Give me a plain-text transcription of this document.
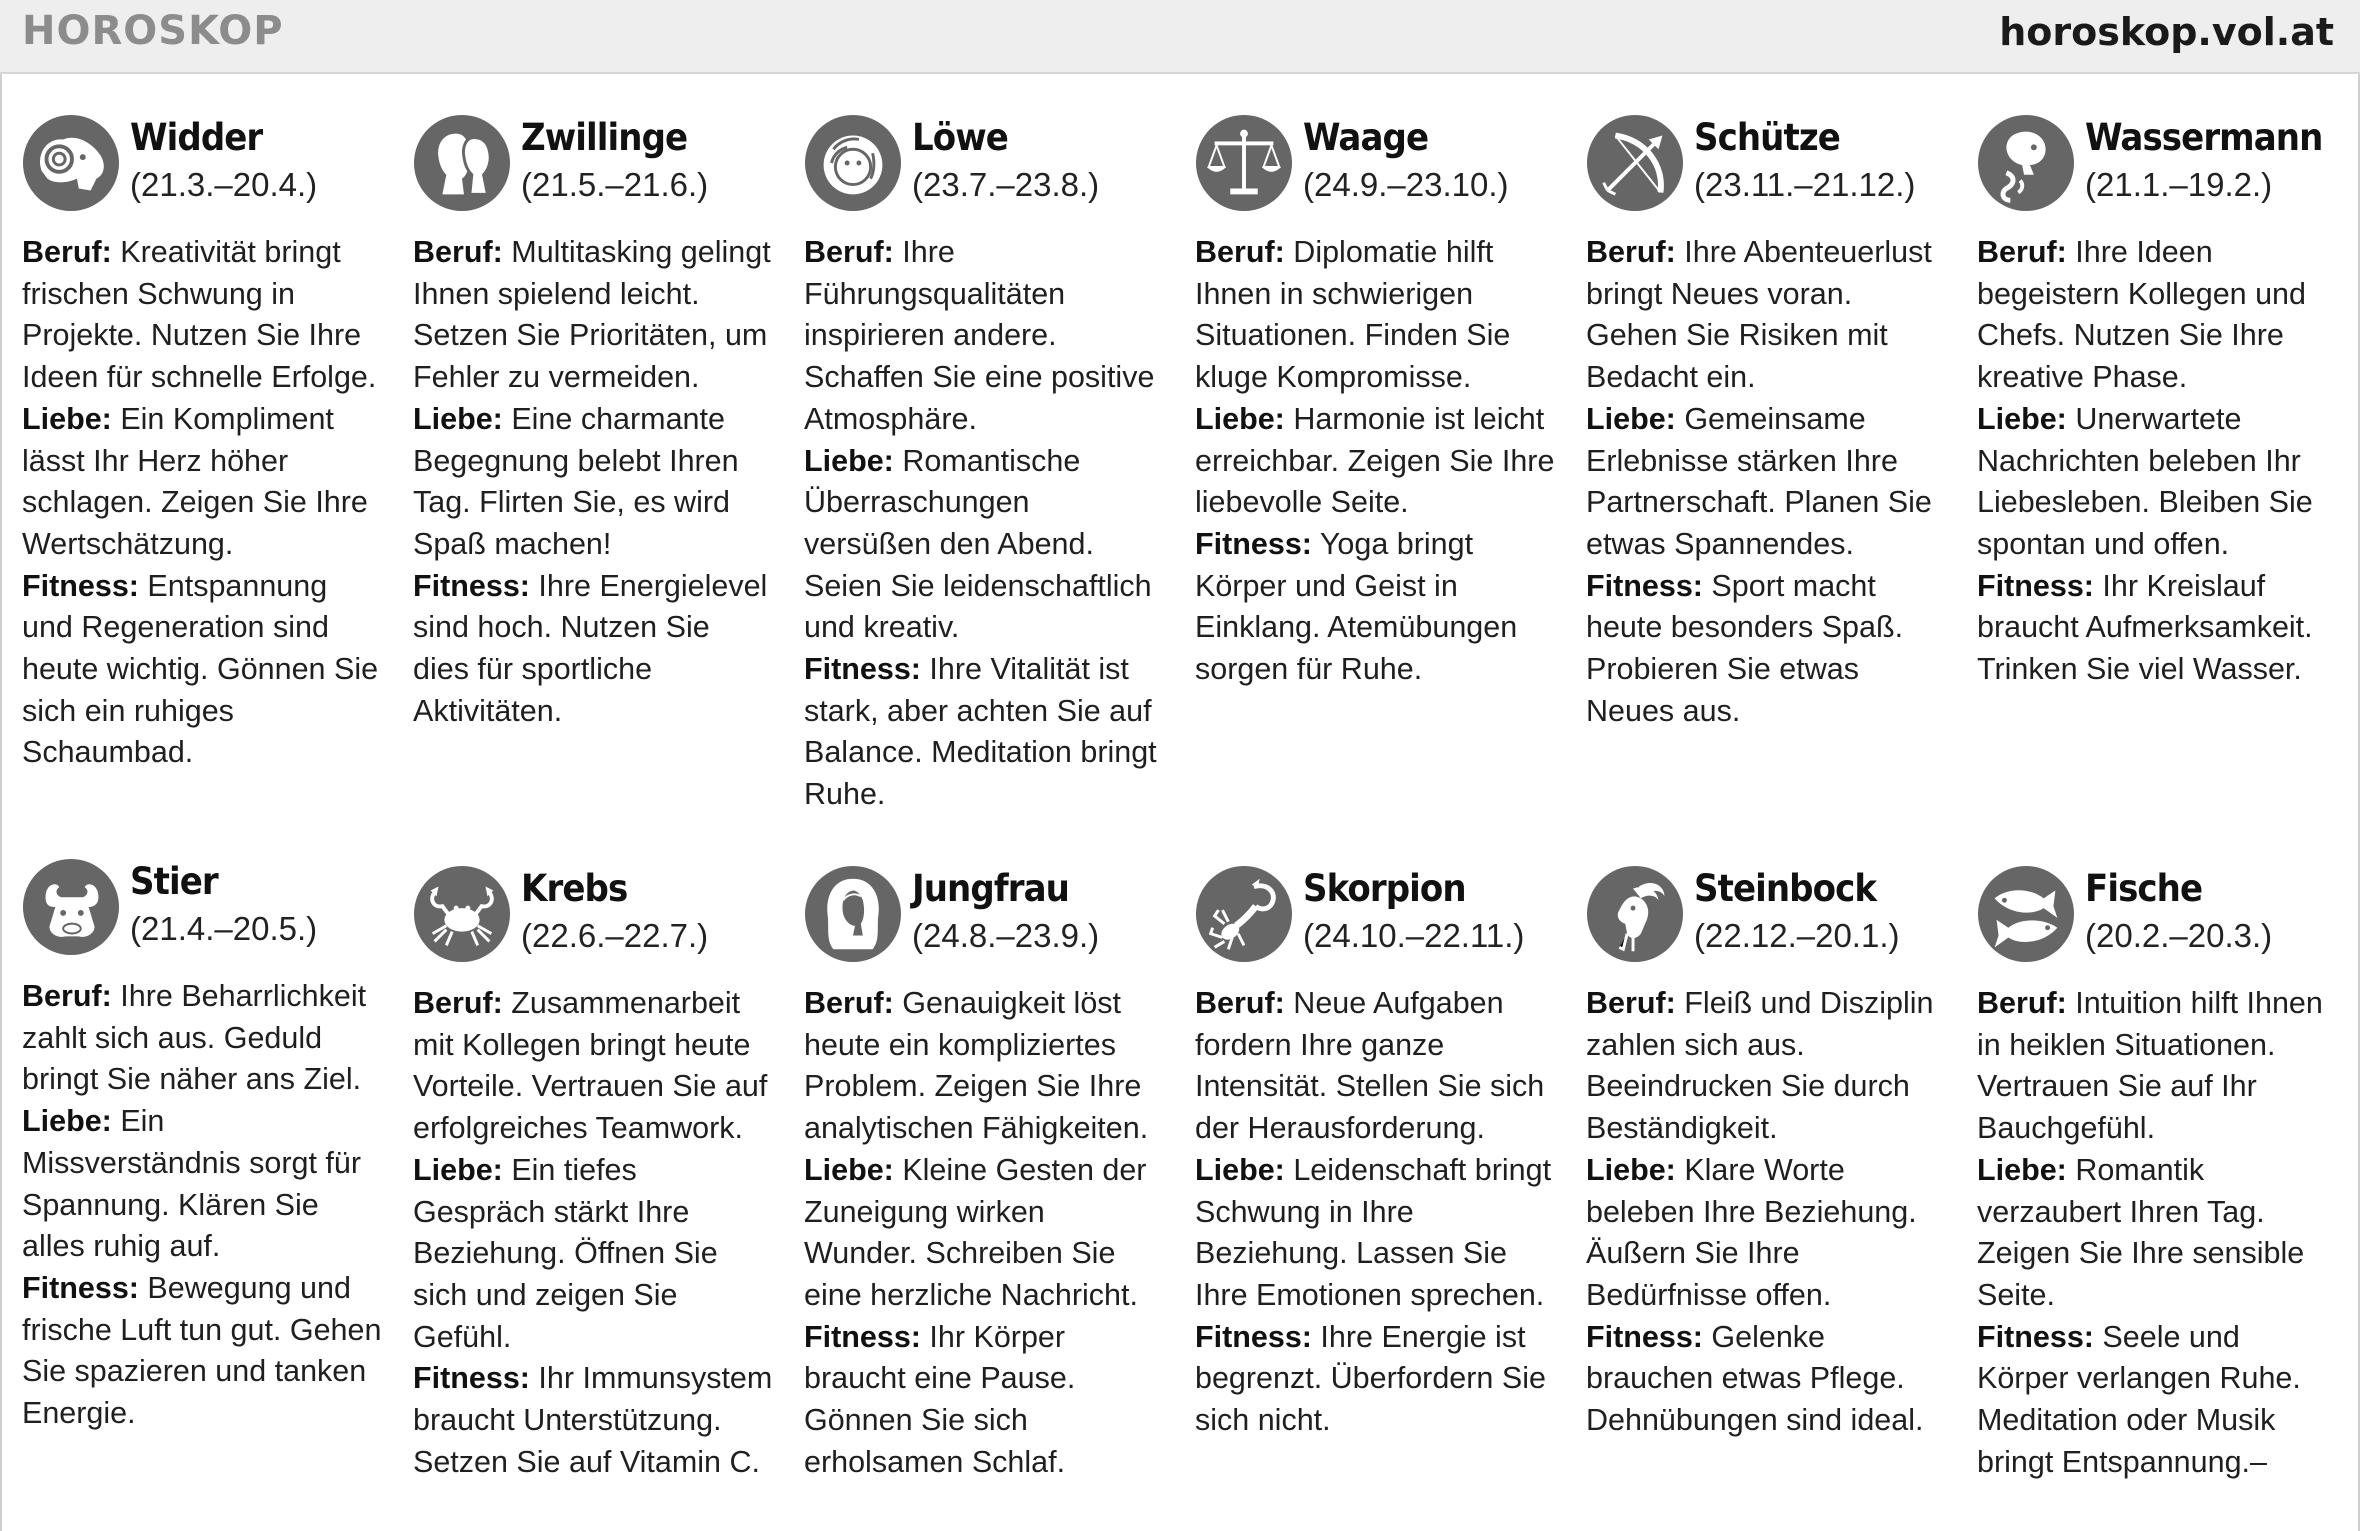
HOROSKOP	horoskop.vol.at
Widder
(21.3.–20.4.)
Beruf: Kreativität bringt frischen Schwung in Projekte. Nutzen Sie Ihre Ideen für schnelle Erfolge.
Liebe: Ein Kompliment lässt Ihr Herz höher schlagen. Zeigen Sie Ihre Wertschätzung.
Fitness: Entspannung und Regeneration sind heute wichtig. Gönnen Sie sich ein ruhiges Schaumbad.
Zwillinge
(21.5.–21.6.)
Beruf: Multitasking gelingt Ihnen spielend leicht. Setzen Sie Prioritäten, um Fehler zu vermeiden.
Liebe: Eine charmante Begegnung belebt Ihren Tag. Flirten Sie, es wird Spaß machen!
Fitness: Ihre Energielevel sind hoch. Nutzen Sie dies für sportliche Aktivitäten.
Löwe
(23.7.–23.8.)
Beruf: Ihre Führungsqualitäten inspirieren andere. Schaffen Sie eine positive Atmosphäre.
Liebe: Romantische Überraschungen versüßen den Abend. Seien Sie leidenschaftlich und kreativ.
Fitness: Ihre Vitalität ist stark, aber achten Sie auf Balance. Meditation bringt Ruhe.
Waage
(24.9.–23.10.)
Beruf: Diplomatie hilft Ihnen in schwierigen Situationen. Finden Sie kluge Kompromisse.
Liebe: Harmonie ist leicht erreichbar. Zeigen Sie Ihre liebevolle Seite.
Fitness: Yoga bringt Körper und Geist in Einklang. Atemübungen sorgen für Ruhe.
Schütze
(23.11.–21.12.)
Beruf: Ihre Abenteuerlust bringt Neues voran. Gehen Sie Risiken mit Bedacht ein.
Liebe: Gemeinsame Erlebnisse stärken Ihre Partnerschaft. Planen Sie etwas Spannendes.
Fitness: Sport macht heute besonders Spaß. Probieren Sie etwas Neues aus.
Wassermann
(21.1.–19.2.)
Beruf: Ihre Ideen begeistern Kollegen und Chefs. Nutzen Sie Ihre kreative Phase.
Liebe: Unerwartete Nachrichten beleben Ihr Liebesleben. Bleiben Sie spontan und offen.
Fitness: Ihr Kreislauf braucht Aufmerksamkeit. Trinken Sie viel Wasser.
Stier
(21.4.–20.5.)
Beruf: Ihre Beharrlichkeit zahlt sich aus. Geduld bringt Sie näher ans Ziel.
Liebe: Ein Missverständnis sorgt für Spannung. Klären Sie alles ruhig auf.
Fitness: Bewegung und frische Luft tun gut. Gehen Sie spazieren und tanken Energie.
Krebs
(22.6.–22.7.)
Beruf: Zusammenarbeit mit Kollegen bringt heute Vorteile. Vertrauen Sie auf erfolgreiches Teamwork.
Liebe: Ein tiefes Gespräch stärkt Ihre Beziehung. Öffnen Sie sich und zeigen Sie Gefühl.
Fitness: Ihr Immunsystem braucht Unterstützung. Setzen Sie auf Vitamin C.
Jungfrau
(24.8.–23.9.)
Beruf: Genauigkeit löst heute ein kompliziertes Problem. Zeigen Sie Ihre analytischen Fähigkeiten.
Liebe: Kleine Gesten der Zuneigung wirken Wunder. Schreiben Sie eine herzliche Nachricht.
Fitness: Ihr Körper braucht eine Pause. Gönnen Sie sich erholsamen Schlaf.
Skorpion
(24.10.–22.11.)
Beruf: Neue Aufgaben fordern Ihre ganze Intensität. Stellen Sie sich der Herausforderung.
Liebe: Leidenschaft bringt Schwung in Ihre Beziehung. Lassen Sie Ihre Emotionen sprechen.
Fitness: Ihre Energie ist begrenzt. Überfordern Sie sich nicht.
Steinbock
(22.12.–20.1.)
Beruf: Fleiß und Disziplin zahlen sich aus. Beeindrucken Sie durch Beständigkeit.
Liebe: Klare Worte beleben Ihre Beziehung. Äußern Sie Ihre Bedürfnisse offen.
Fitness: Gelenke brauchen etwas Pflege. Dehnübungen sind ideal.
Fische
(20.2.–20.3.)
Beruf: Intuition hilft Ihnen in heiklen Situationen. Vertrauen Sie auf Ihr Bauchgefühl.
Liebe: Romantik verzaubert Ihren Tag. Zeigen Sie Ihre sensible Seite.
Fitness: Seele und Körper verlangen Ruhe. Meditation oder Musik bringt Entspannung.–
